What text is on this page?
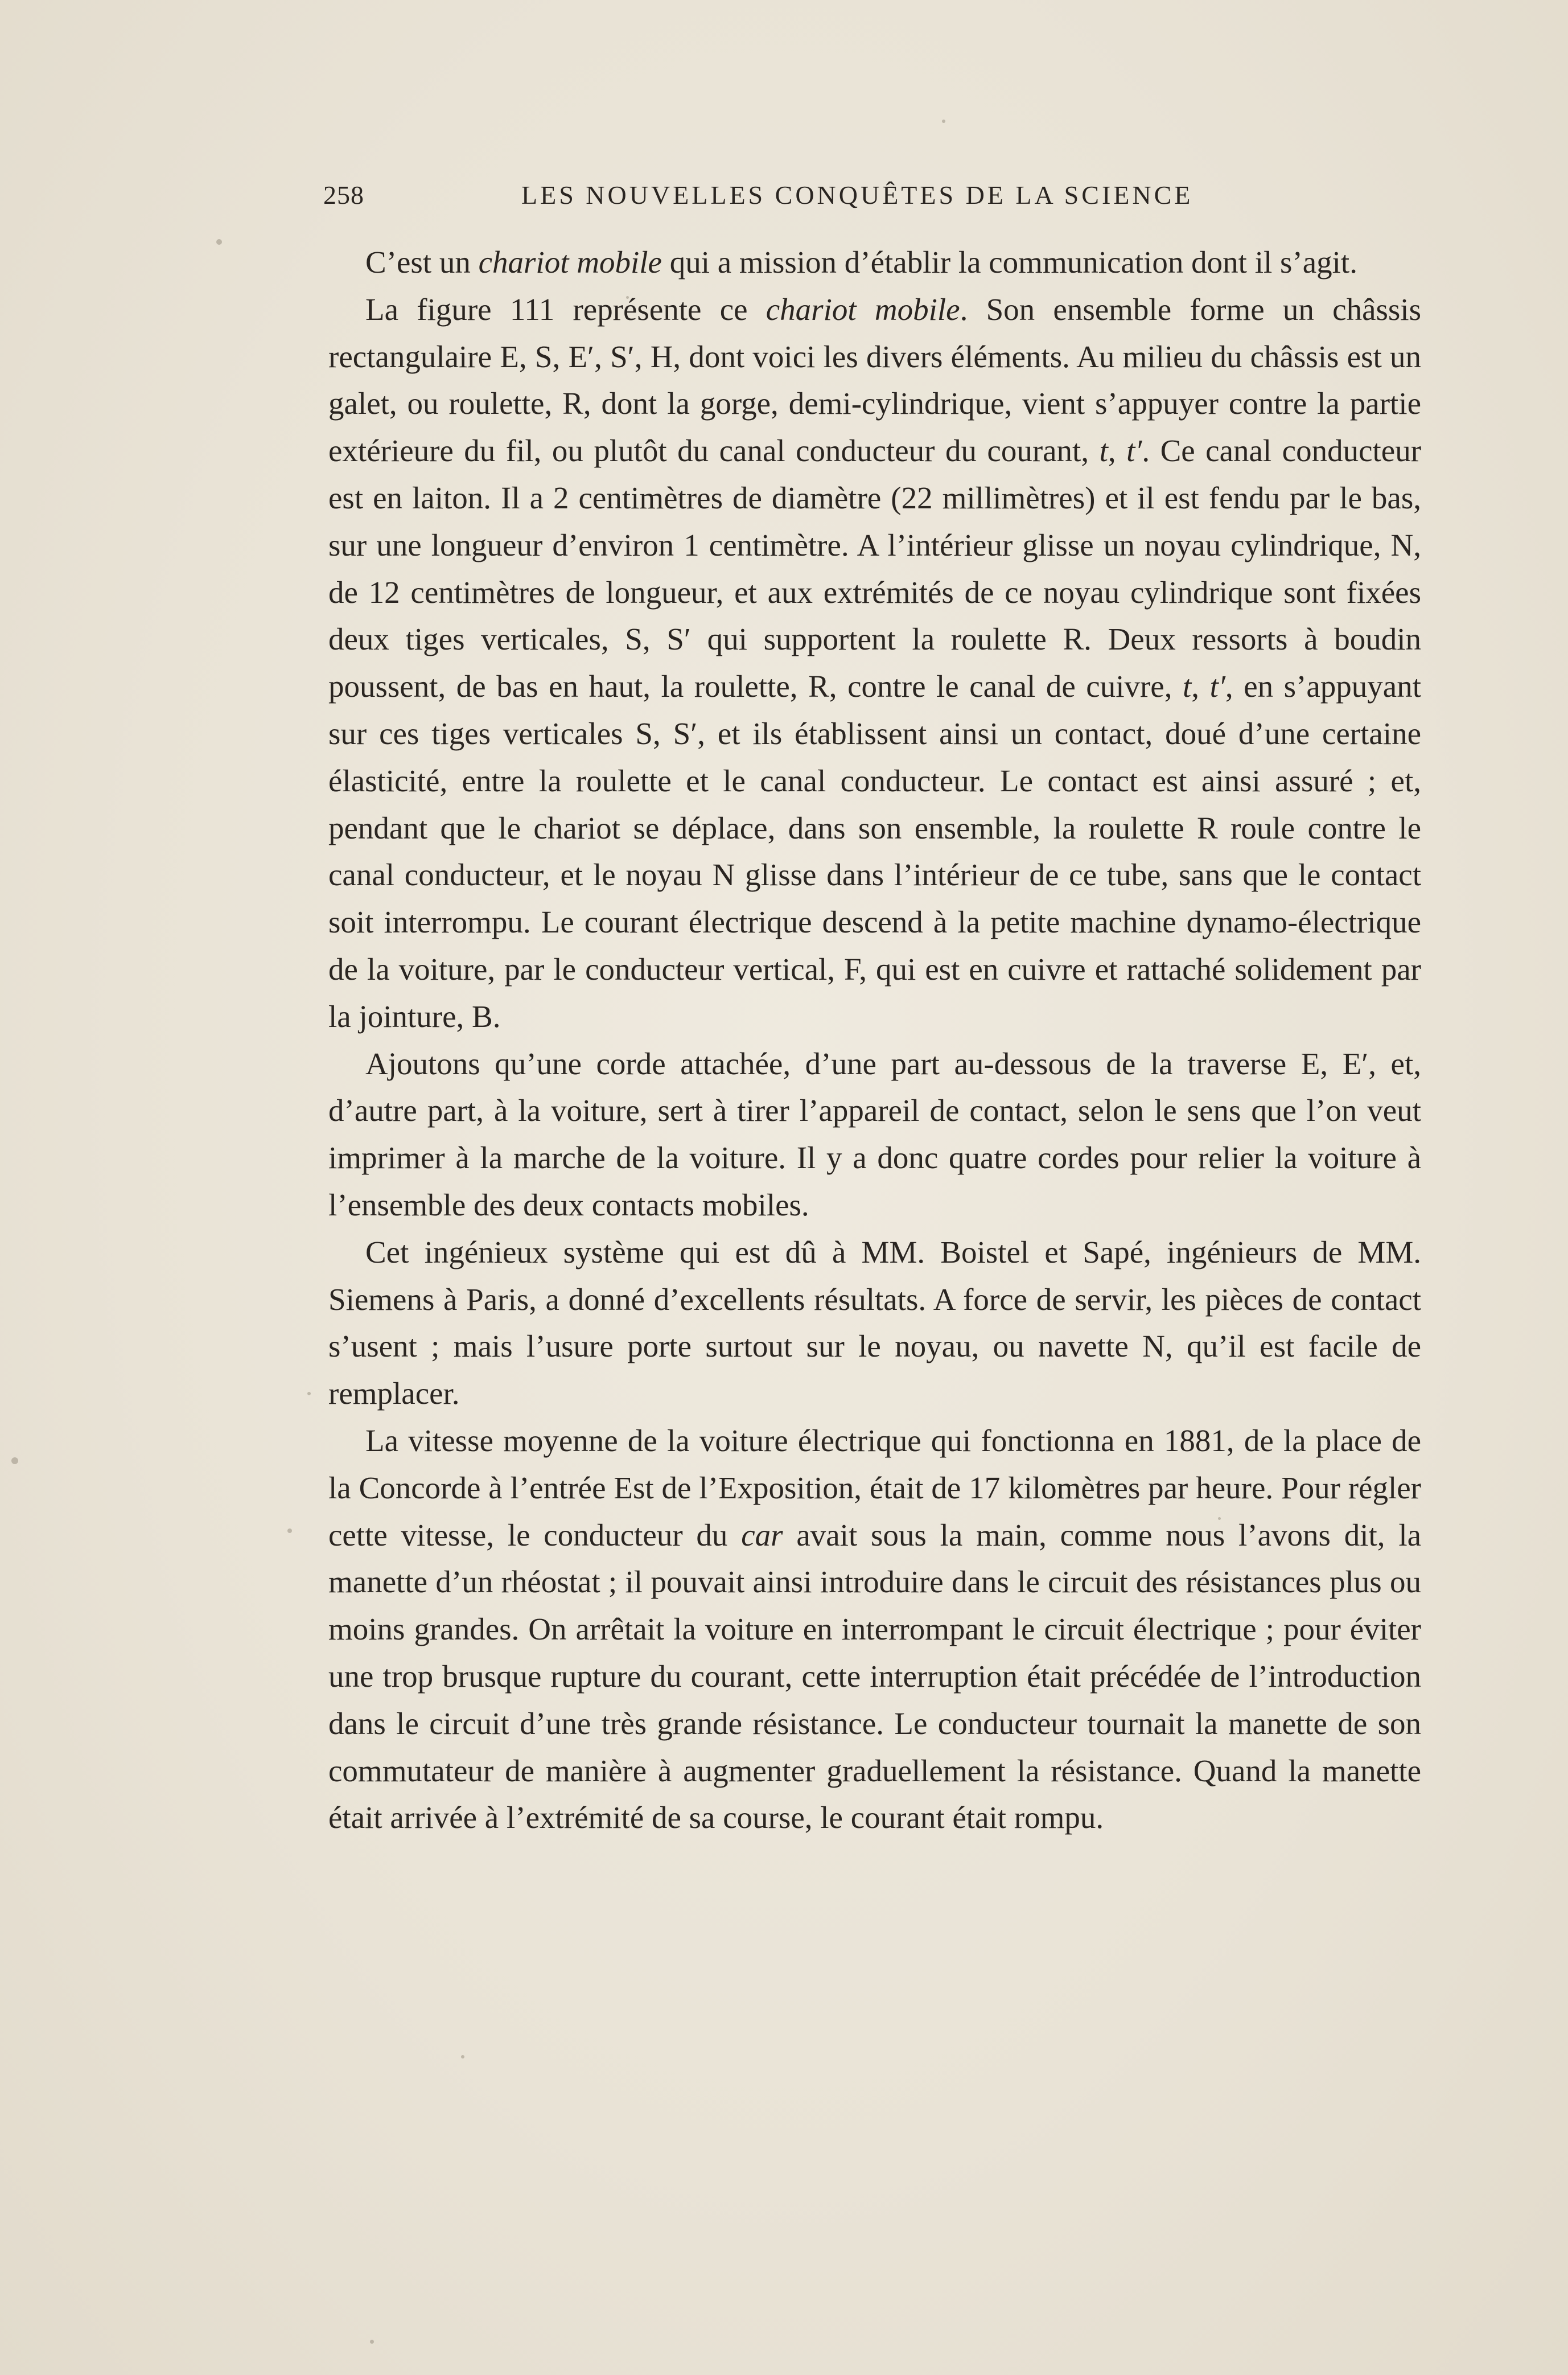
258	LES NOUVELLES CONQUÊTES DE LA SCIENCE

C’est un chariot mobile qui a mission d’établir la communication dont il s’agit.

La figure 111 représente ce chariot mobile. Son ensemble forme un châssis rectangulaire E, S, E′, S′, H, dont voici les divers éléments. Au milieu du châssis est un galet, ou roulette, R, dont la gorge, demi-cylindrique, vient s’appuyer contre la partie extérieure du fil, ou plutôt du canal conducteur du courant, t, t′. Ce canal conducteur est en laiton. Il a 2 centimètres de diamètre (22 millimètres) et il est fendu par le bas, sur une longueur d’environ 1 centimètre. A l’intérieur glisse un noyau cylindrique, N, de 12 centimètres de longueur, et aux extrémités de ce noyau cylindrique sont fixées deux tiges verticales, S, S′ qui supportent la roulette R. Deux ressorts à boudin poussent, de bas en haut, la roulette, R, contre le canal de cuivre, t, t′, en s’appuyant sur ces tiges verticales S, S′, et ils établissent ainsi un contact, doué d’une certaine élasticité, entre la roulette et le canal conducteur. Le contact est ainsi assuré ; et, pendant que le chariot se déplace, dans son ensemble, la roulette R roule contre le canal conducteur, et le noyau N glisse dans l’intérieur de ce tube, sans que le contact soit interrompu. Le courant électrique descend à la petite machine dynamo-électrique de la voiture, par le conducteur vertical, F, qui est en cuivre et rattaché solidement par la jointure, B.

Ajoutons qu’une corde attachée, d’une part au-dessous de la traverse E, E′, et, d’autre part, à la voiture, sert à tirer l’appareil de contact, selon le sens que l’on veut imprimer à la marche de la voiture. Il y a donc quatre cordes pour relier la voiture à l’ensemble des deux contacts mobiles.

Cet ingénieux système qui est dû à MM. Boistel et Sapé, ingénieurs de MM. Siemens à Paris, a donné d’excellents résultats. A force de servir, les pièces de contact s’usent ; mais l’usure porte surtout sur le noyau, ou navette N, qu’il est facile de remplacer.

La vitesse moyenne de la voiture électrique qui fonctionna en 1881, de la place de la Concorde à l’entrée Est de l’Exposition, était de 17 kilomètres par heure. Pour régler cette vitesse, le conducteur du car avait sous la main, comme nous l’avons dit, la manette d’un rhéostat ; il pouvait ainsi introduire dans le circuit des résistances plus ou moins grandes. On arrêtait la voiture en interrompant le circuit électrique ; pour éviter une trop brusque rupture du courant, cette interruption était précédée de l’introduction dans le circuit d’une très grande résistance. Le conducteur tournait la manette de son commutateur de manière à augmenter graduellement la résistance. Quand la manette était arrivée à l’extrémité de sa course, le courant était rompu.
